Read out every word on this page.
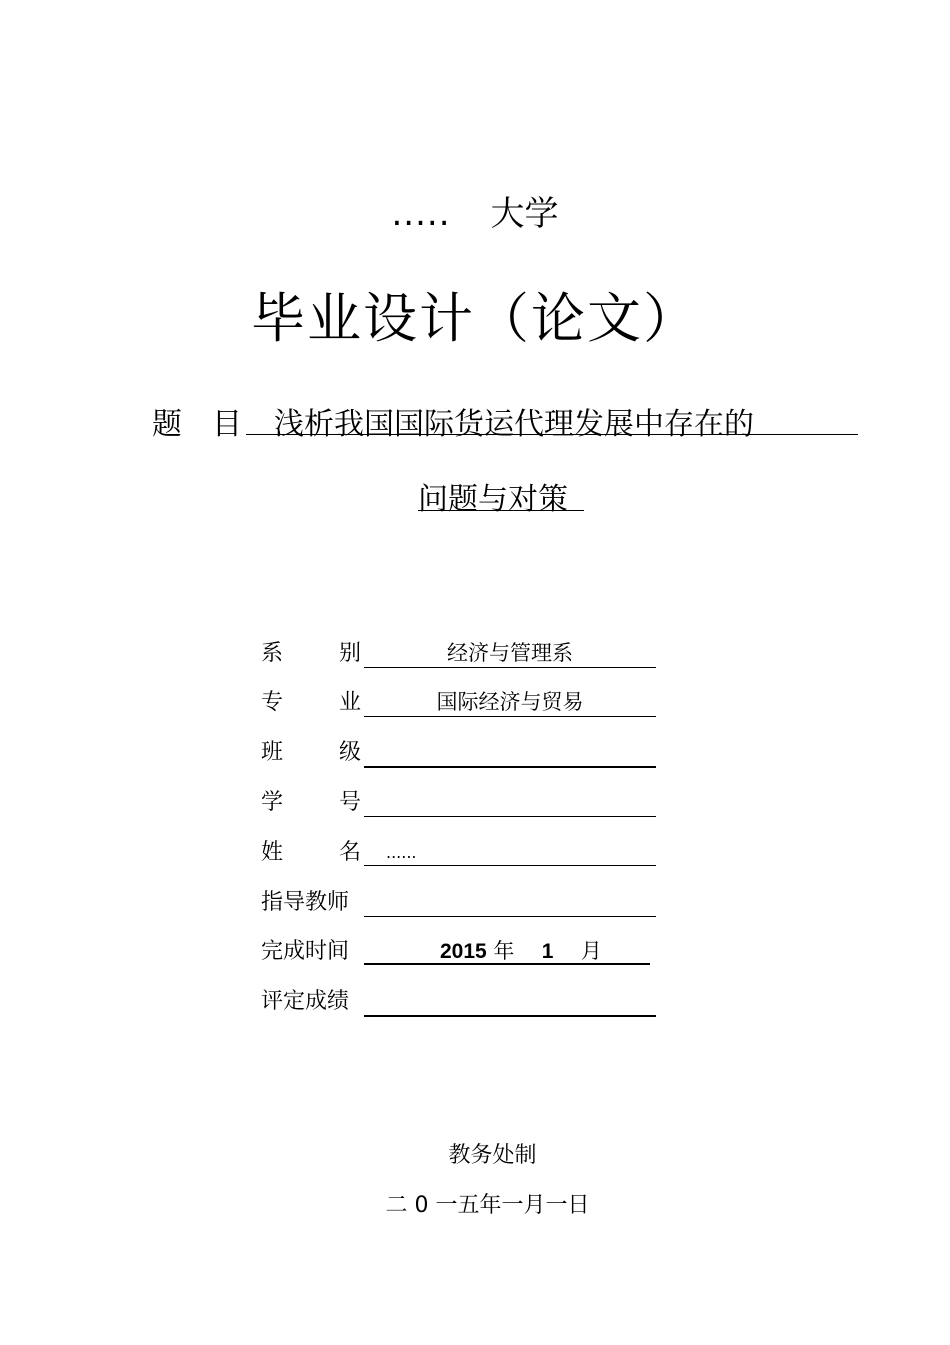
..... 大学
毕业设计（论文）
题　目	浅析我国国际货运代理发展中存在的
问题与对策
系　　别	经济与管理系
专　　业	国际经济与贸易
班　　级
学　　号
姓　　名	......
指导教师
完成时间	2015 年 1 月
评定成绩
教务处制
二 0 一五年一月一日
